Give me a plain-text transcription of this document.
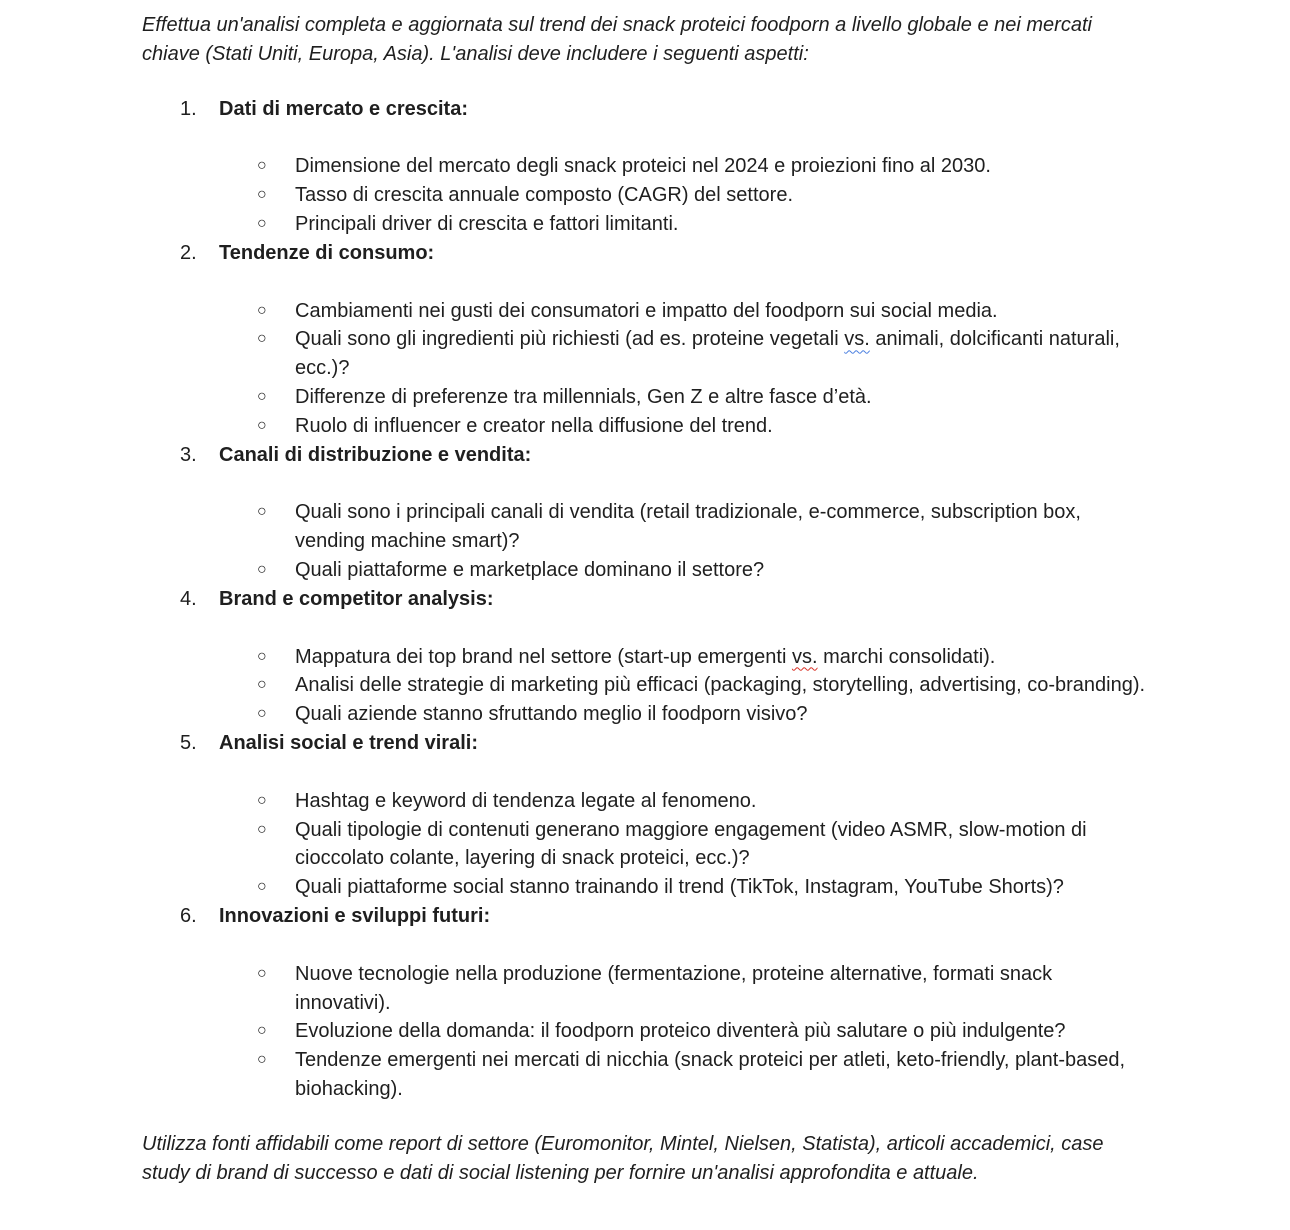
Effettua un'analisi completa e aggiornata sul trend dei snack proteici foodporn a livello globale e nei mercati chiave (Stati Uniti, Europa, Asia). L'analisi deve includere i seguenti aspetti:

1. Dati di mercato e crescita:
○ Dimensione del mercato degli snack proteici nel 2024 e proiezioni fino al 2030.
○ Tasso di crescita annuale composto (CAGR) del settore.
○ Principali driver di crescita e fattori limitanti.
2. Tendenze di consumo:
○ Cambiamenti nei gusti dei consumatori e impatto del foodporn sui social media.
○ Quali sono gli ingredienti più richiesti (ad es. proteine vegetali vs. animali, dolcificanti naturali, ecc.)?
○ Differenze di preferenze tra millennials, Gen Z e altre fasce d’età.
○ Ruolo di influencer e creator nella diffusione del trend.
3. Canali di distribuzione e vendita:
○ Quali sono i principali canali di vendita (retail tradizionale, e-commerce, subscription box, vending machine smart)?
○ Quali piattaforme e marketplace dominano il settore?
4. Brand e competitor analysis:
○ Mappatura dei top brand nel settore (start-up emergenti vs. marchi consolidati).
○ Analisi delle strategie di marketing più efficaci (packaging, storytelling, advertising, co-branding).
○ Quali aziende stanno sfruttando meglio il foodporn visivo?
5. Analisi social e trend virali:
○ Hashtag e keyword di tendenza legate al fenomeno.
○ Quali tipologie di contenuti generano maggiore engagement (video ASMR, slow-motion di cioccolato colante, layering di snack proteici, ecc.)?
○ Quali piattaforme social stanno trainando il trend (TikTok, Instagram, YouTube Shorts)?
6. Innovazioni e sviluppi futuri:
○ Nuove tecnologie nella produzione (fermentazione, proteine alternative, formati snack innovativi).
○ Evoluzione della domanda: il foodporn proteico diventerà più salutare o più indulgente?
○ Tendenze emergenti nei mercati di nicchia (snack proteici per atleti, keto-friendly, plant-based, biohacking).

Utilizza fonti affidabili come report di settore (Euromonitor, Mintel, Nielsen, Statista), articoli accademici, case study di brand di successo e dati di social listening per fornire un'analisi approfondita e attuale.
